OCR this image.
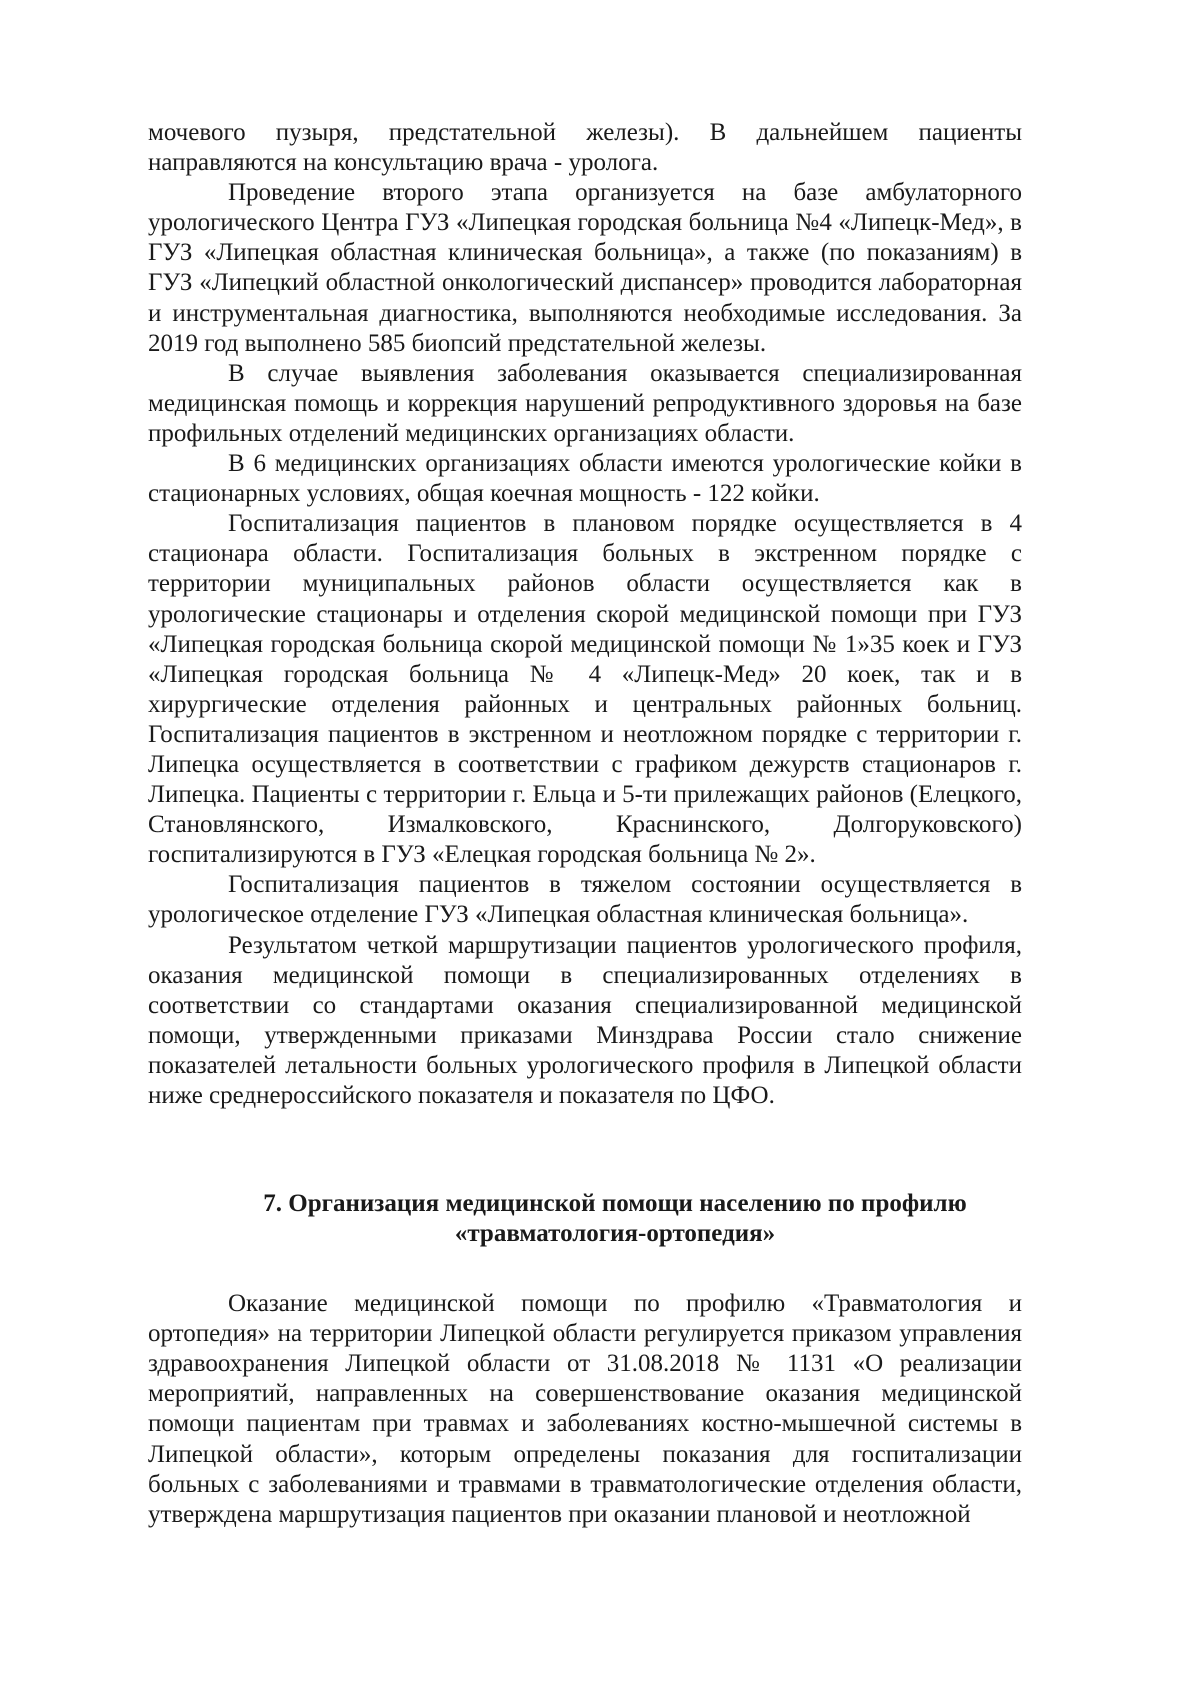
мочевого пузыря, предстательной железы). В дальнейшем пациенты направляются на консультацию врача - уролога.

Проведение второго этапа организуется на базе амбулаторного урологического Центра ГУЗ «Липецкая городская больница №4 «Липецк-Мед», в ГУЗ «Липецкая областная клиническая больница», а также (по показаниям) в ГУЗ «Липецкий областной онкологический диспансер» проводится лабораторная и инструментальная диагностика, выполняются необходимые исследования. За 2019 год выполнено 585 биопсий предстательной железы.

В случае выявления заболевания оказывается специализированная медицинская помощь и коррекция нарушений репродуктивного здоровья на базе профильных отделений медицинских организациях области.

В 6 медицинских организациях области имеются урологические койки в стационарных условиях, общая коечная мощность - 122 койки.

Госпитализация пациентов в плановом порядке осуществляется в 4 стационара области. Госпитализация больных в экстренном порядке с территории муниципальных районов области осуществляется как в урологические стационары и отделения скорой медицинской помощи при ГУЗ «Липецкая городская больница скорой медицинской помощи № 1»35 коек и ГУЗ «Липецкая городская больница № 4 «Липецк-Мед» 20 коек, так и в хирургические отделения районных и центральных районных больниц. Госпитализация пациентов в экстренном и неотложном порядке с территории г. Липецка осуществляется в соответствии с графиком дежурств стационаров г. Липецка. Пациенты с территории г. Ельца и 5-ти прилежащих районов (Елецкого, Становлянского, Измалковского, Краснинского, Долгоруковского) госпитализируются в ГУЗ «Елецкая городская больница № 2».

Госпитализация пациентов в тяжелом состоянии осуществляется в урологическое отделение ГУЗ «Липецкая областная клиническая больница».

Результатом четкой маршрутизации пациентов урологического профиля, оказания медицинской помощи в специализированных отделениях в соответствии со стандартами оказания специализированной медицинской помощи, утвержденными приказами Минздрава России стало снижение показателей летальности больных урологического профиля в Липецкой области ниже среднероссийского показателя и показателя по ЦФО.

7. Организация медицинской помощи населению по профилю
«травматология-ортопедия»

Оказание медицинской помощи по профилю «Травматология и ортопедия» на территории Липецкой области регулируется приказом управления здравоохранения Липецкой области от 31.08.2018 № 1131 «О реализации мероприятий, направленных на совершенствование оказания медицинской помощи пациентам при травмах и заболеваниях костно-мышечной системы в Липецкой области», которым определены показания для госпитализации больных с заболеваниями и травмами в травматологические отделения области, утверждена маршрутизация пациентов при оказании плановой и неотложной
